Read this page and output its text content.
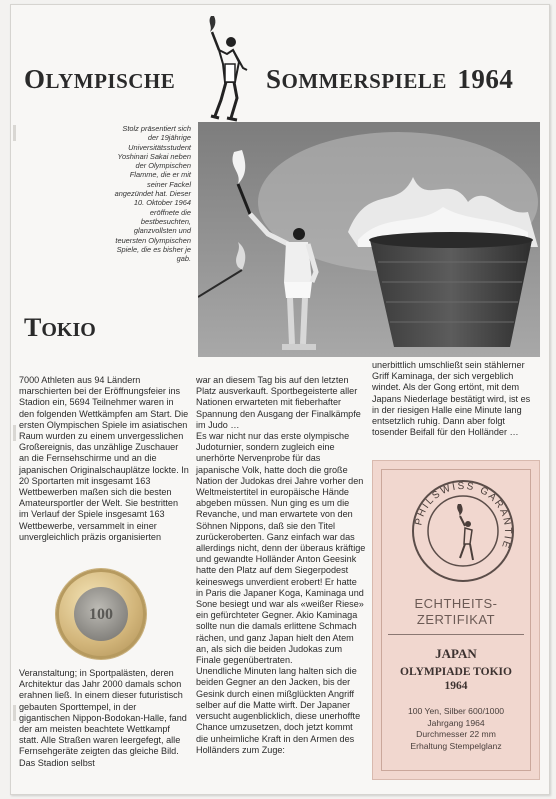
OLYMPISCHE	SOMMERSPIELE 1964
Stolz präsentiert sich der 19jährige Universitätsstudent Yoshinari Sakai neben der Olympischen Flamme, die er mit seiner Fackel angezündet hat. Dieser 10. Oktober 1964 eröffnete die bestbesuchten, glanzvollsten und teuersten Olympischen Spiele, die es bisher je gab.
TOKIO

7000 Athleten aus 94 Ländern marschierten bei der Eröffnungsfeier ins Stadion ein, 5694 Teilnehmer waren in den folgenden Wettkämpfen am Start. Die ersten Olympischen Spiele im asiatischen Raum wurden zu einem unvergesslichen Großereignis, das unzählige Zuschauer an die Fernsehschirme und an die japanischen Originalschauplätze lockte. In 20 Sportarten mit insgesamt 163 Wettbewerben maßen sich die besten Amateursportler der Welt. Sie bestritten im Verlauf der Spiele insgesamt 163 Wettbewerbe, versammelt in einer unvergleichlich präzis organisierten

100

Veranstaltung; in Sportpalästen, deren Architektur das Jahr 2000 damals schon erahnen ließ. In einem dieser futuristisch gebauten Sporttempel, in der gigantischen Nippon-Bodokan-Halle, fand der am meisten beachtete Wettkampf statt. Alle Straßen waren leergefegt, alle Fernsehgeräte zeigten das gleiche Bild. Das Stadion selbst

war an diesem Tag bis auf den letzten Platz ausverkauft. Sportbegeisterte aller Nationen erwarteten mit fieberhafter Spannung den Ausgang der Finalkämpfe im Judo …

Es war nicht nur das erste olympische Judoturnier, sondern zugleich eine unerhörte Nervenprobe für das japanische Volk, hatte doch die große Nation der Judokas drei Jahre vorher den Weltmeistertitel in europäische Hände abgeben müssen. Nun ging es um die Revanche, und man erwartete von den Söhnen Nippons, daß sie den Titel zurückeroberten. Ganz einfach war das allerdings nicht, denn der überaus kräftige und gewandte Holländer Anton Geesink hatte den Platz auf dem Siegerpodest keineswegs unverdient erobert! Er hatte in Paris die Japaner Koga, Kaminaga und Sone besiegt und war als «weißer Riese» ein gefürchteter Gegner. Akio Kaminaga sollte nun die damals erlittene Schmach rächen, und ganz Japan hielt den Atem an, als sich die beiden Judokas zum Finale gegenübertraten.

Unendliche Minuten lang halten sich die beiden Gegner an den Jacken, bis der Gesink durch einen mißglückten Angriff selber auf die Matte wirft. Der Japaner versucht augenblicklich, diese unerhoffte Chance umzusetzen, doch jetzt kommt die unheimliche Kraft in den Armen des Holländers zum Zuge:

unerbittlich umschließt sein stählerner Griff Kaminaga, der sich vergeblich windet. Als der Gong ertönt, mit dem Japans Niederlage bestätigt wird, ist es in der riesigen Halle eine Minute lang entsetzlich ruhig. Dann aber folgt tosender Beifall für den Holländer …

PHILSWISS GARANTIE
ECHTHEITS-
ZERTIFIKAT
JAPAN
OLYMPIADE TOKIO
1964
100 Yen, Silber 600/1000
Jahrgang 1964
Durchmesser 22 mm
Erhaltung Stempelglanz
